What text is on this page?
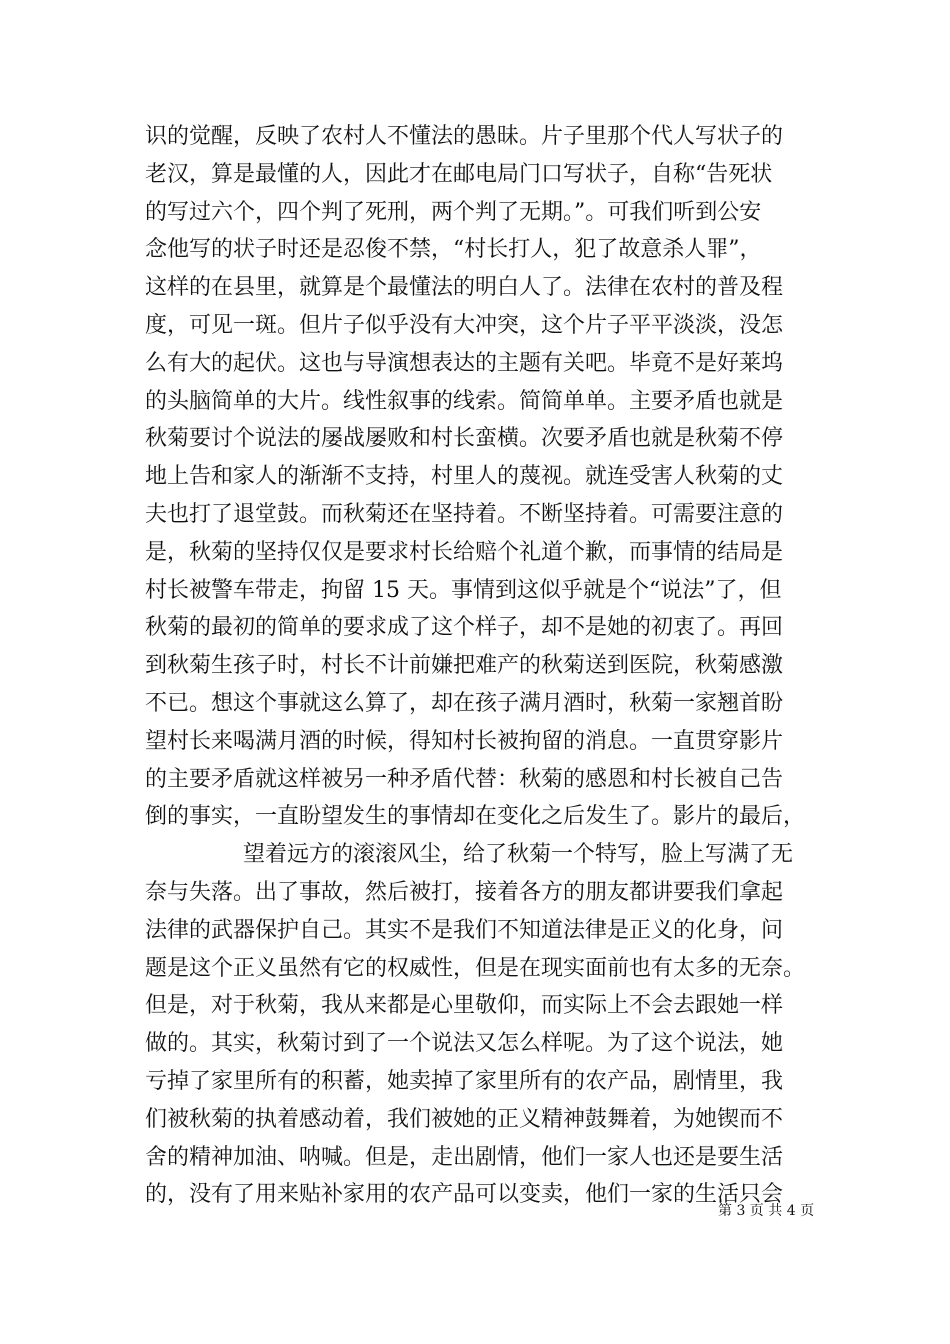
识的觉醒，反映了农村人不懂法的愚昧。片子里那个代人写状子的
老汉，算是最懂的人，因此才在邮电局门口写状子，自称“告死状
的写过六个，四个判了死刑，两个判了无期。”。可我们听到公安
念他写的状子时还是忍俊不禁，“村长打人，犯了故意杀人罪”，
这样的在县里，就算是个最懂法的明白人了。法律在农村的普及程
度，可见一斑。但片子似乎没有大冲突，这个片子平平淡淡，没怎
么有大的起伏。这也与导演想表达的主题有关吧。毕竟不是好莱坞
的头脑简单的大片。线性叙事的线索。简简单单。主要矛盾也就是
秋菊要讨个说法的屡战屡败和村长蛮横。次要矛盾也就是秋菊不停
地上告和家人的渐渐不支持，村里人的蔑视。就连受害人秋菊的丈
夫也打了退堂鼓。而秋菊还在坚持着。不断坚持着。可需要注意的
是，秋菊的坚持仅仅是要求村长给赔个礼道个歉，而事情的结局是
村长被警车带走，拘留 15 天。事情到这似乎就是个“说法”了，但
秋菊的最初的简单的要求成了这个样子，却不是她的初衷了。再回
到秋菊生孩子时，村长不计前嫌把难产的秋菊送到医院，秋菊感激
不已。想这个事就这么算了，却在孩子满月酒时，秋菊一家翘首盼
望村长来喝满月酒的时候，得知村长被拘留的消息。一直贯穿影片
的主要矛盾就这样被另一种矛盾代替：秋菊的感恩和村长被自己告
倒的事实，一直盼望发生的事情却在变化之后发生了。影片的最后，
望着远方的滚滚风尘，给了秋菊一个特写，脸上写满了无
奈与失落。出了事故，然后被打，接着各方的朋友都讲要我们拿起
法律的武器保护自己。其实不是我们不知道法律是正义的化身，问
题是这个正义虽然有它的权威性，但是在现实面前也有太多的无奈。
但是，对于秋菊，我从来都是心里敬仰，而实际上不会去跟她一样
做的。其实，秋菊讨到了一个说法又怎么样呢。为了这个说法，她
亏掉了家里所有的积蓄，她卖掉了家里所有的农产品，剧情里，我
们被秋菊的执着感动着，我们被她的正义精神鼓舞着，为她锲而不
舍的精神加油、呐喊。但是，走出剧情，他们一家人也还是要生活
的，没有了用来贴补家用的农产品可以变卖，他们一家的生活只会
第 3 页 共 4 页
